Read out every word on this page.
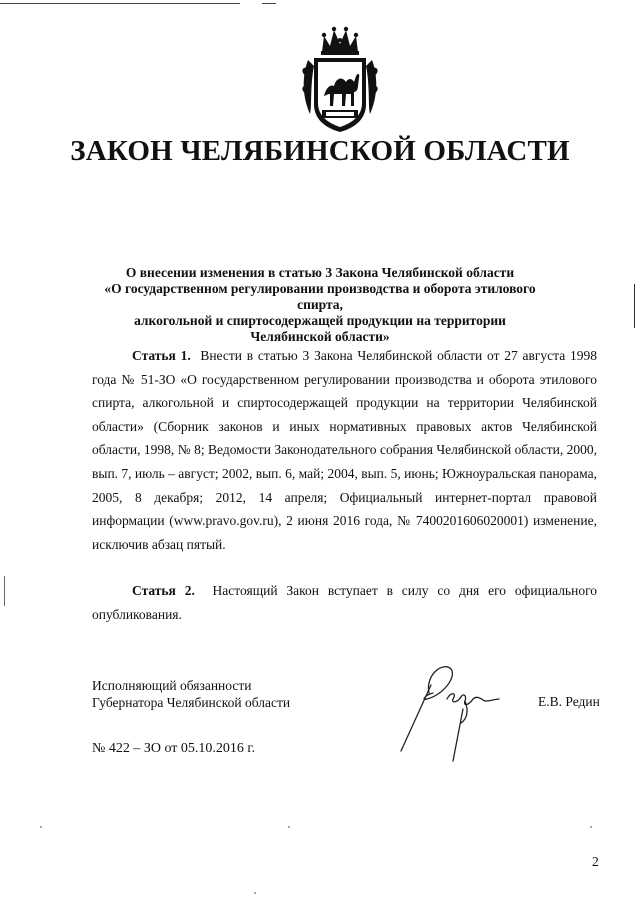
ЗАКОН ЧЕЛЯБИНСКОЙ ОБЛАСТИ
О внесении изменения в статью 3 Закона Челябинской области
«О государственном регулировании производства и оборота этилового спирта,
алкогольной и спиртосодержащей продукции на территории
Челябинской области»
Статья 1. Внести в статью 3 Закона Челябинской области от 27 августа 1998 года № 51-ЗО «О государственном регулировании производства и оборота этилового спирта, алкогольной и спиртосодержащей продукции на территории Челябинской области» (Сборник законов и иных нормативных правовых актов Челябинской области, 1998, № 8; Ведомости Законодательного собрания Челябинской области, 2000, вып. 7, июль – август; 2002, вып. 6, май; 2004, вып. 5, июнь; Южноуральская панорама, 2005, 8 декабря; 2012, 14 апреля; Официальный интернет-портал правовой информации (www.pravo.gov.ru), 2 июня 2016 года, № 7400201606020001) изменение, исключив абзац пятый.
Статья 2. Настоящий Закон вступает в силу со дня его официального опубликования.
Исполняющий обязанности
Губернатора Челябинской области	Е.В. Редин
№ 422 – ЗО от 05.10.2016 г.
2
